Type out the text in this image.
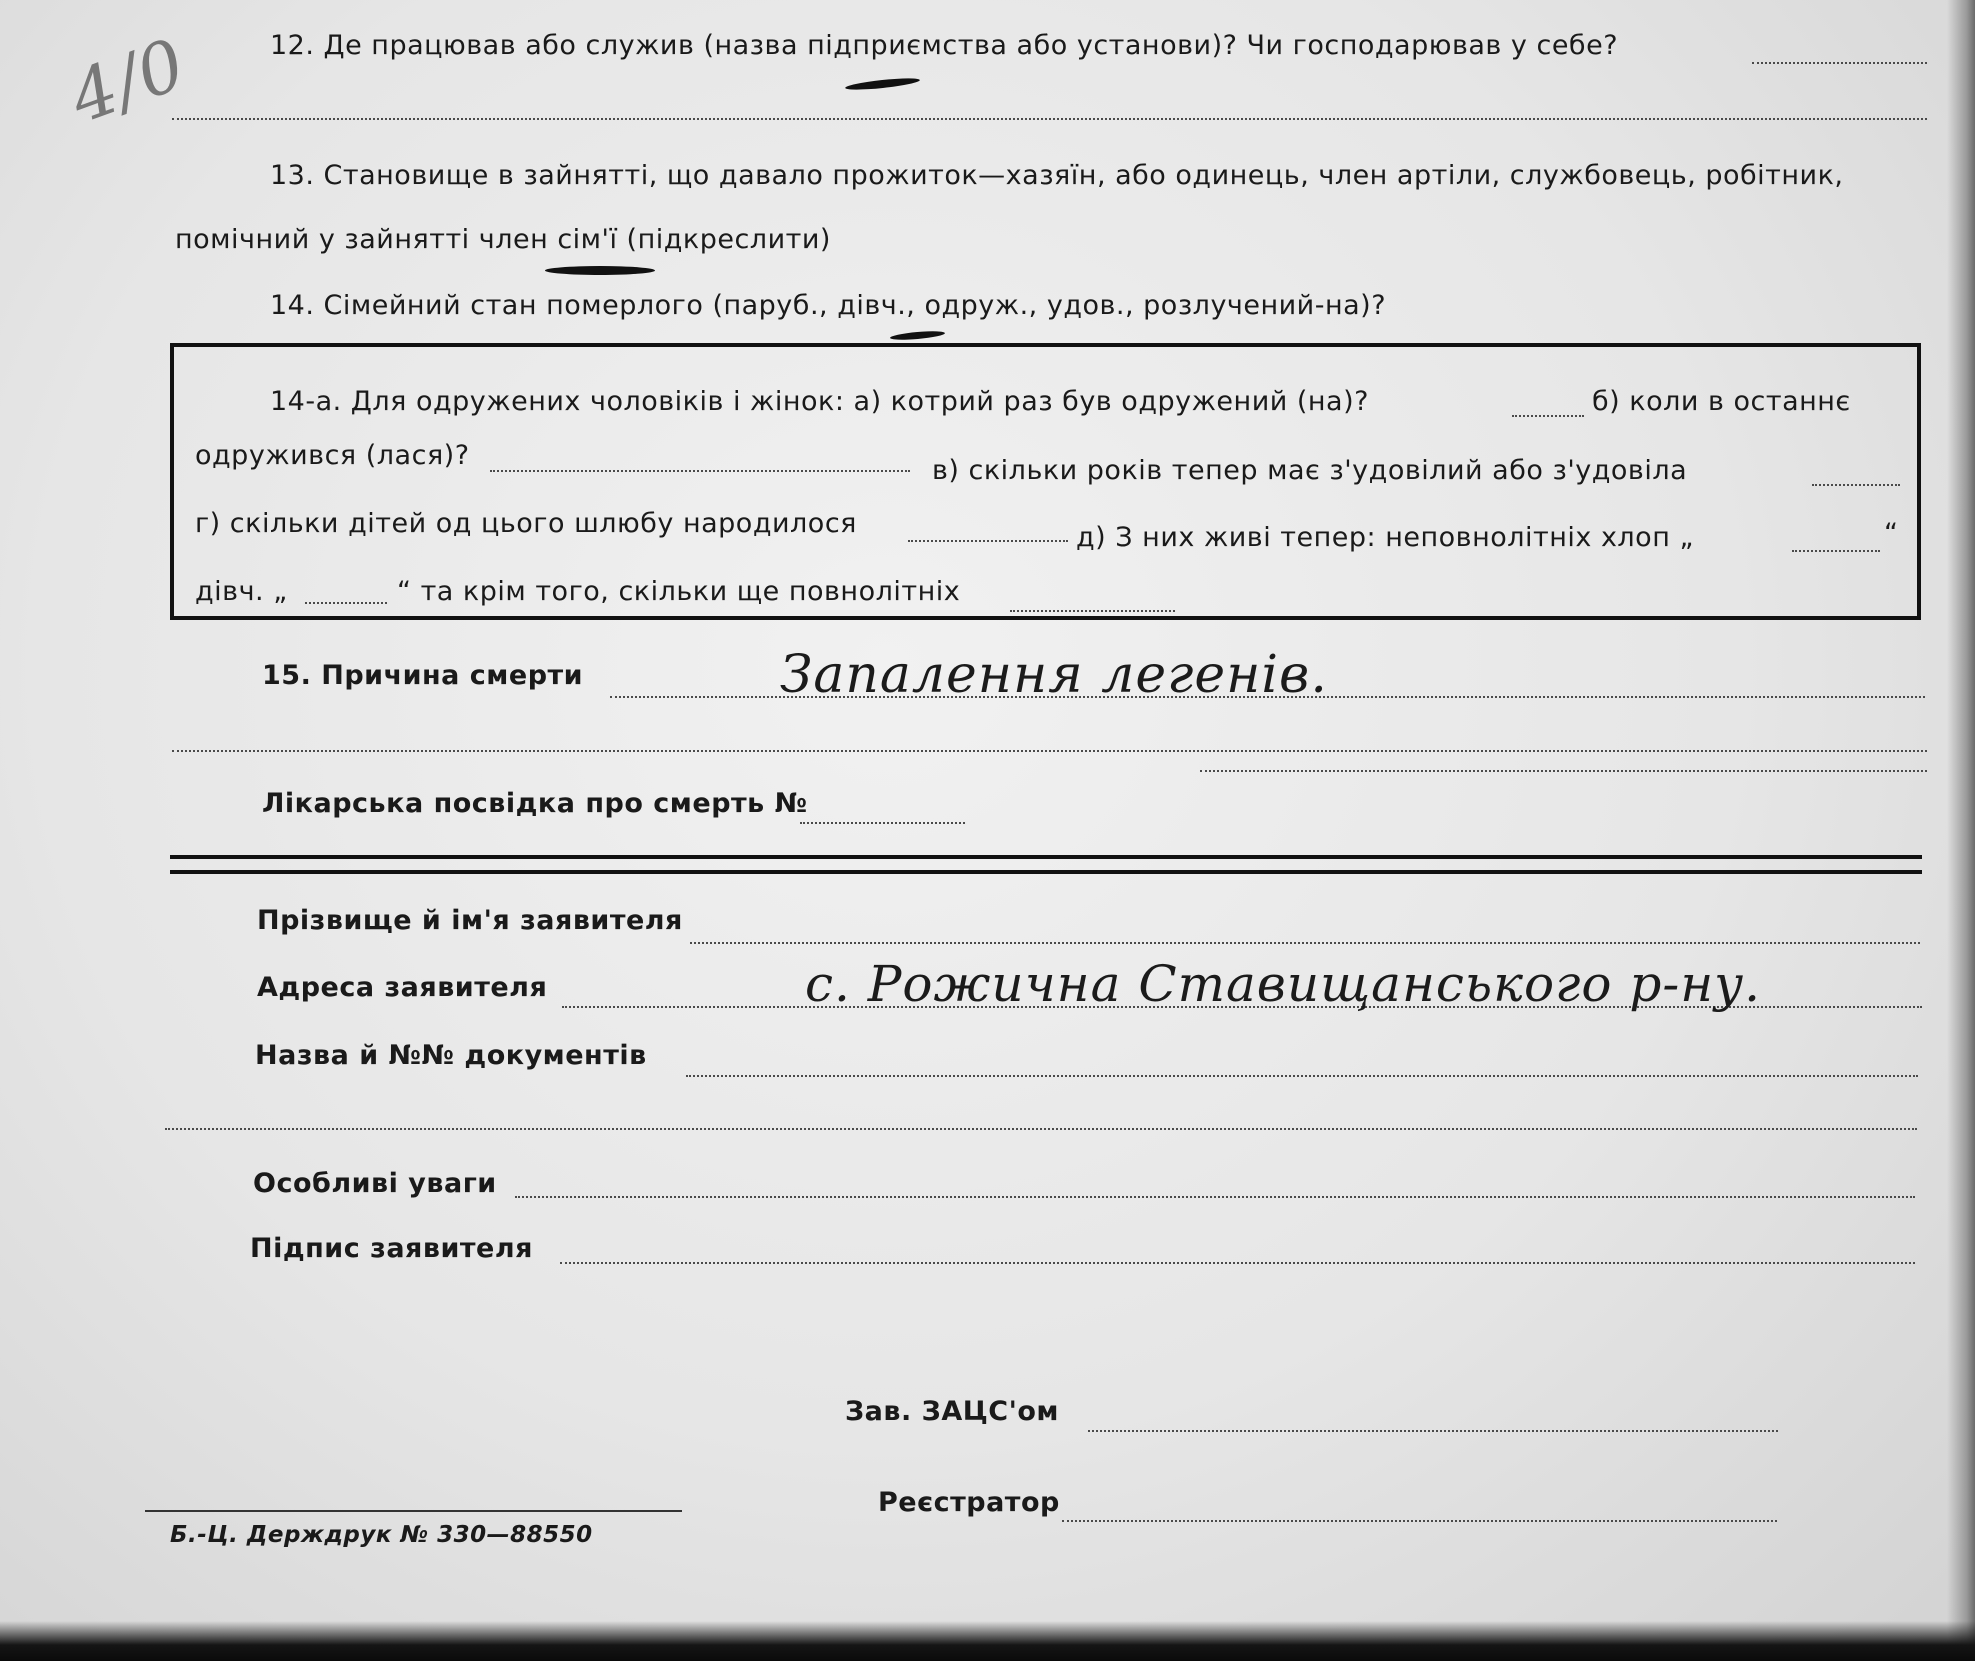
4/0	12. Де працював або служив (назва підприємства або установи)? Чи господарював у себе?
13. Становище в зайнятті, що давало прожиток—хазяїн, або одинець, член артіли, службовець, робітник,
помічний у зайнятті член сім'ї (підкреслити)
14. Сімейний стан померлого (паруб., дівч., одруж., удов., розлучений-на)?
14-а. Для одружених чоловіків і жінок: а) котрий раз був одружений (на)?	б) коли в останнє
одружився (лася)?	в) скільки років тепер має з'удовілий або з'удовіла
г) скільки дітей од цього шлюбу народилося	д) З них живі тепер: неповнолітніх хлоп „	“
дівч. „	“ та крім того, скільки ще повнолітніх
15. Причина смерти	Запалення легенів.
Лікарська посвідка про смерть №
Прізвище й ім'я заявителя
Адреса заявителя	с. Рожична Ставищанського р-ну.
Назва й №№ документів
Особливі уваги
Підпис заявителя
Зав. ЗАЦС'ом
Реєстратор
Б.-Ц. Держдрук № 330—88550
